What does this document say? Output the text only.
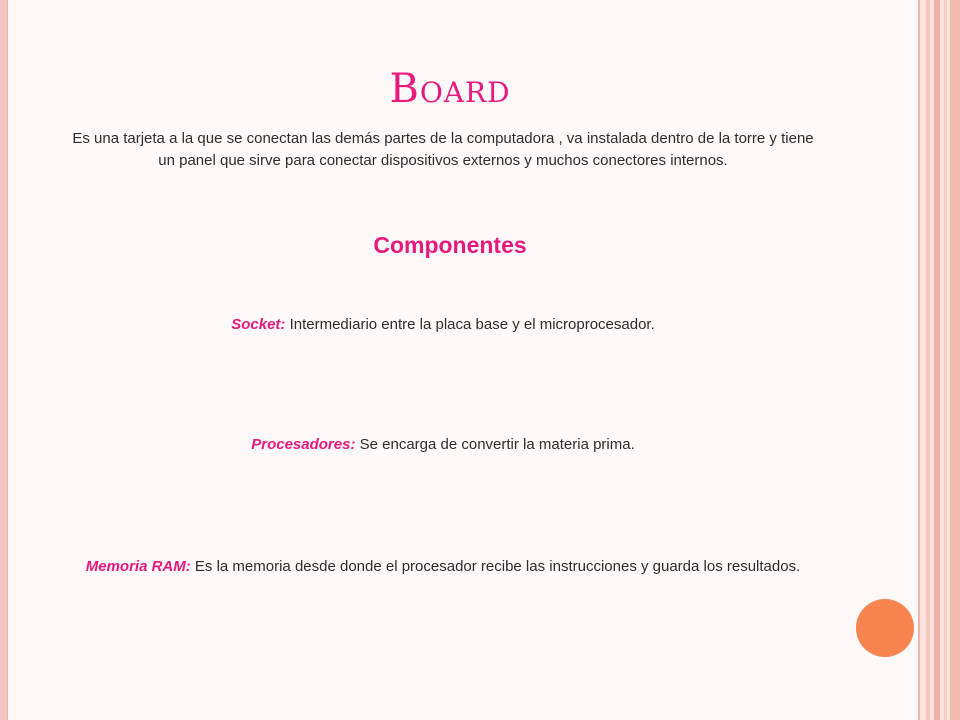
Board

Es una tarjeta a la que se conectan las demás partes de la computadora , va instalada dentro de la torre y tiene un panel que sirve para conectar dispositivos externos y muchos conectores internos.

Componentes

Socket: Intermediario entre la placa base y el microprocesador.

Procesadores: Se encarga de convertir la materia prima.

Memoria RAM: Es la memoria desde donde el procesador recibe las instrucciones y guarda los resultados.
